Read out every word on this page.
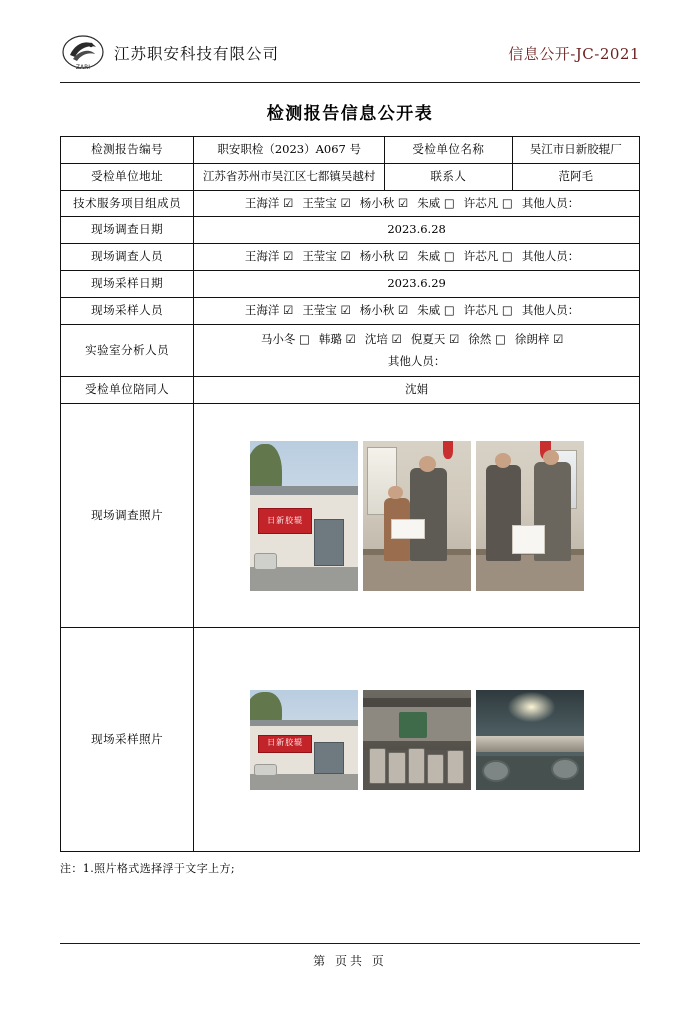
ZARI
江苏职安科技有限公司	信息公开-JC-2021
检测报告信息公开表
检测报告编号	职安职检（2023）A067 号	受检单位名称	吴江市日新胶辊厂
受检单位地址	江苏省苏州市吴江区七都镇吴越村	联系人	范阿毛
技术服务项目组成员	王海洋 ☑ 王莹宝 ☑ 杨小秋 ☑ 朱威 □ 许芯凡 □ 其他人员：		
现场调查日期	2023.6.28		
现场调查人员	王海洋 ☑ 王莹宝 ☑ 杨小秋 ☑ 朱威 □ 许芯凡 □ 其他人员：		
现场采样日期	2023.6.29		
现场采样人员	王海洋 ☑ 王莹宝 ☑ 杨小秋 ☑ 朱威 □ 许芯凡 □ 其他人员：		
实验室分析人员	马小冬 □ 韩璐 ☑ 沈培 ☑ 倪夏天 ☑ 徐然 □ 徐朗梓 ☑
其他人员：		

受检单位陪同人	沈娟		
现场调查照片	日新胶辊		

现场采样照片	日新胶辊		
注：1.照片格式选择浮于文字上方;
第 页共 页
